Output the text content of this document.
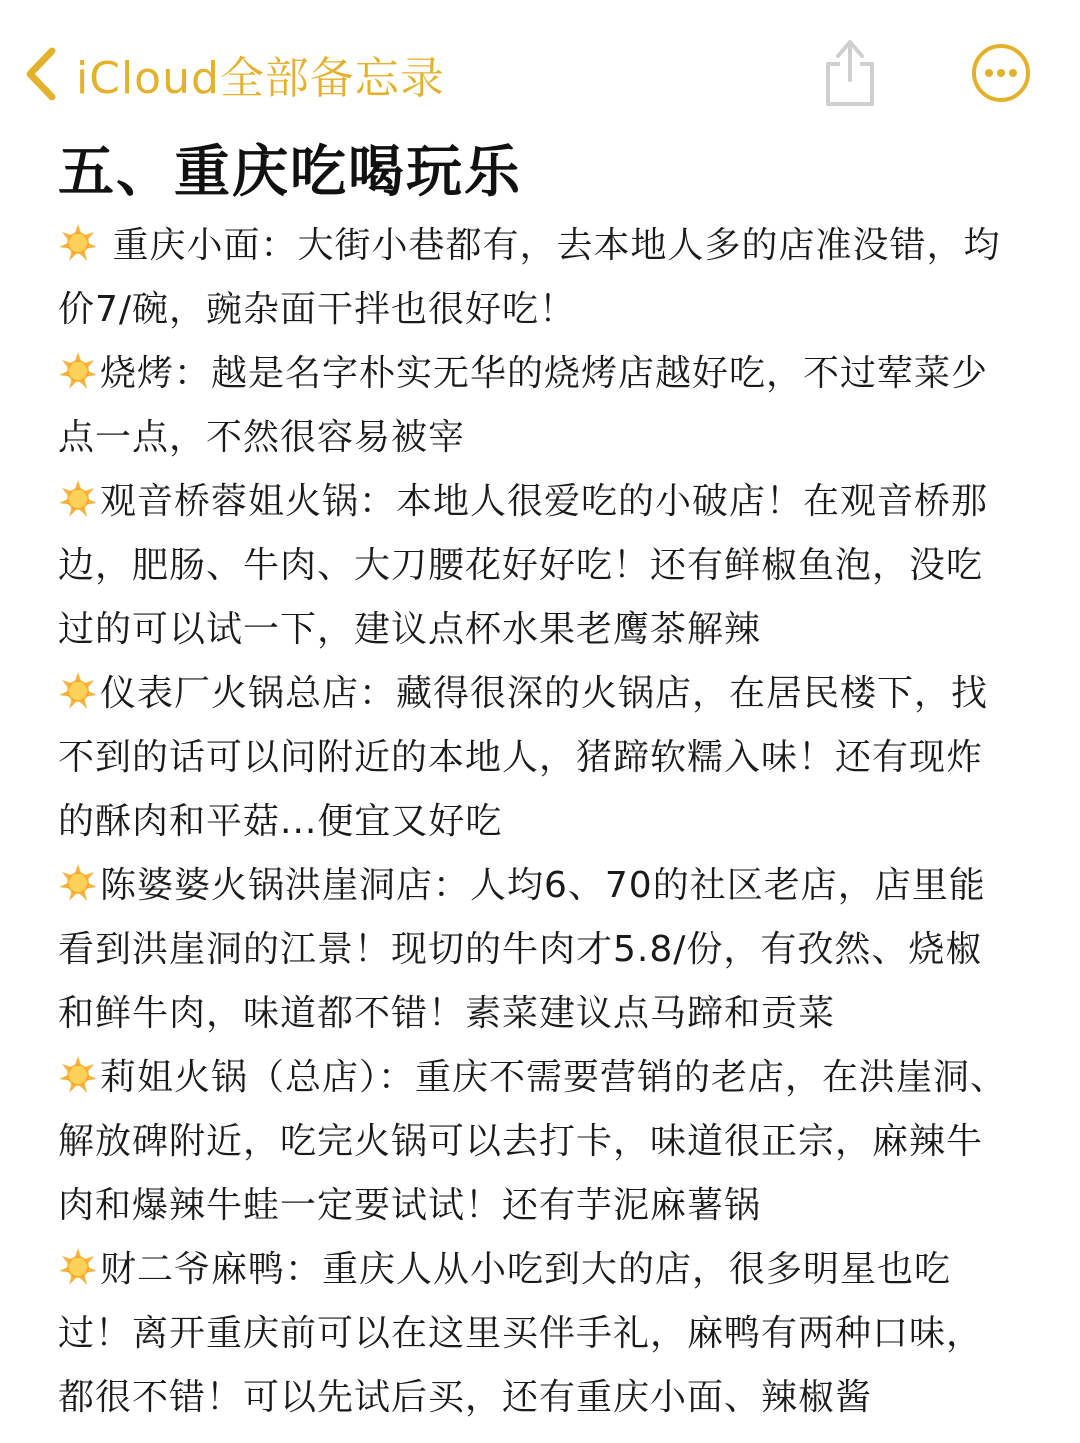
iCloud全部备忘录
五、重庆吃喝玩乐
重庆小面：大街小巷都有，去本地人多的店准没错，均价7/碗，豌杂面干拌也很好吃！
烧烤：越是名字朴实无华的烧烤店越好吃，不过荤菜少点一点，不然很容易被宰
观音桥蓉姐火锅：本地人很爱吃的小破店！在观音桥那边，肥肠、牛肉、大刀腰花好好吃！还有鲜椒鱼泡，没吃过的可以试一下，建议点杯水果老鹰茶解辣
仪表厂火锅总店：藏得很深的火锅店，在居民楼下，找不到的话可以问附近的本地人，猪蹄软糯入味！还有现炸的酥肉和平菇...便宜又好吃
陈婆婆火锅洪崖洞店：人均6、70的社区老店，店里能看到洪崖洞的江景！现切的牛肉才5.8/份，有孜然、烧椒和鲜牛肉，味道都不错！素菜建议点马蹄和贡菜
莉姐火锅（总店）：重庆不需要营销的老店，在洪崖洞、解放碑附近，吃完火锅可以去打卡，味道很正宗，麻辣牛肉和爆辣牛蛙一定要试试！还有芋泥麻薯锅
财二爷麻鸭：重庆人从小吃到大的店，很多明星也吃过！离开重庆前可以在这里买伴手礼，麻鸭有两种口味，都很不错！可以先试后买，还有重庆小面、辣椒酱
